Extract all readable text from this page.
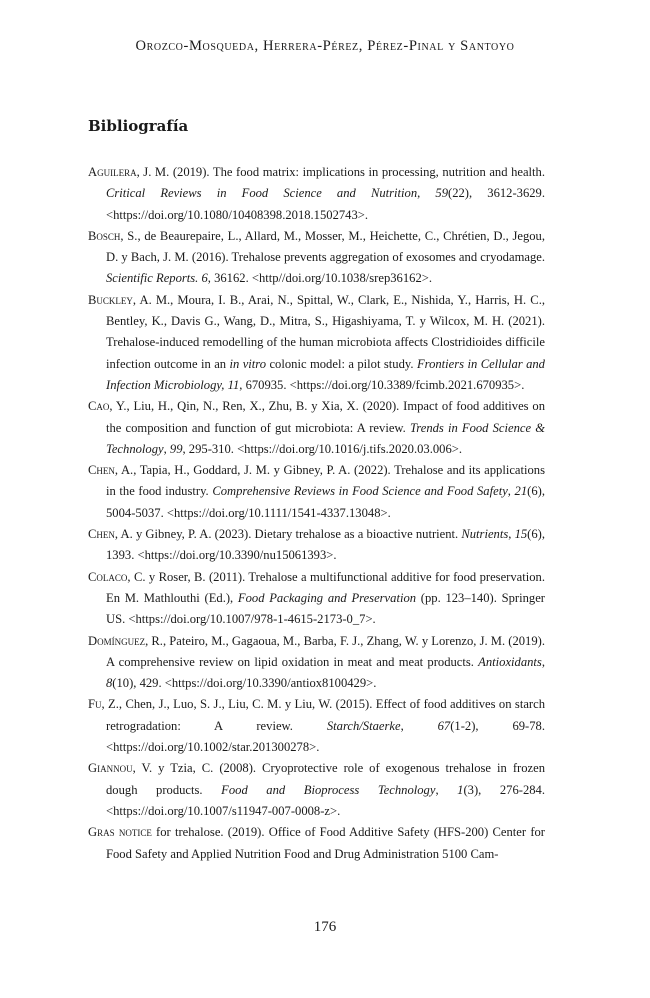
Orozco-Mosqueda, Herrera-Pérez, Pérez-Pinal y Santoyo
Bibliografía
Aguilera, J. M. (2019). The food matrix: implications in processing, nutrition and health. Critical Reviews in Food Science and Nutrition, 59(22), 3612-3629. <https://doi.org/10.1080/10408398.2018.1502743>.
Bosch, S., de Beaurepaire, L., Allard, M., Mosser, M., Heichette, C., Chrétien, D., Jegou, D. y Bach, J. M. (2016). Trehalose prevents aggregation of exosomes and cryodamage. Scientific Reports. 6, 36162. <http//doi.org/10.1038/srep36162>.
Buckley, A. M., Moura, I. B., Arai, N., Spittal, W., Clark, E., Nishida, Y., Harris, H. C., Bentley, K., Davis G., Wang, D., Mitra, S., Higashiyama, T. y Wilcox, M. H. (2021). Trehalose-induced remodelling of the human microbiota affects Clostridioides difficile infection outcome in an in vitro colonic model: a pilot study. Frontiers in Cellular and Infection Microbiology, 11, 670935. <https://doi.org/10.3389/fcimb.2021.670935>.
Cao, Y., Liu, H., Qin, N., Ren, X., Zhu, B. y Xia, X. (2020). Impact of food additives on the composition and function of gut microbiota: A review. Trends in Food Science & Technology, 99, 295-310. <https://doi.org/10.1016/j.tifs.2020.03.006>.
Chen, A., Tapia, H., Goddard, J. M. y Gibney, P. A. (2022). Trehalose and its applications in the food industry. Comprehensive Reviews in Food Science and Food Safety, 21(6), 5004-5037. <https://doi.org/10.1111/1541-4337.13048>.
Chen, A. y Gibney, P. A. (2023). Dietary trehalose as a bioactive nutrient. Nutrients, 15(6), 1393. <https://doi.org/10.3390/nu15061393>.
Colaco, C. y Roser, B. (2011). Trehalose a multifunctional additive for food preservation. En M. Mathlouthi (Ed.), Food Packaging and Preservation (pp. 123–140). Springer US. <https://doi.org/10.1007/978-1-4615-2173-0_7>.
Domínguez, R., Pateiro, M., Gagaoua, M., Barba, F. J., Zhang, W. y Lorenzo, J. M. (2019). A comprehensive review on lipid oxidation in meat and meat products. Antioxidants, 8(10), 429. <https://doi.org/10.3390/antiox8100429>.
Fu, Z., Chen, J., Luo, S. J., Liu, C. M. y Liu, W. (2015). Effect of food additives on starch retrogradation: A review. Starch/Staerke, 67(1-2), 69-78. <https://doi.org/10.1002/star.201300278>.
Giannou, V. y Tzia, C. (2008). Cryoprotective role of exogenous trehalose in frozen dough products. Food and Bioprocess Technology, 1(3), 276-284. <https://doi.org/10.1007/s11947-007-0008-z>.
Gras notice for trehalose. (2019). Office of Food Additive Safety (HFS-200) Center for Food Safety and Applied Nutrition Food and Drug Administration 5100 Cam-
176
